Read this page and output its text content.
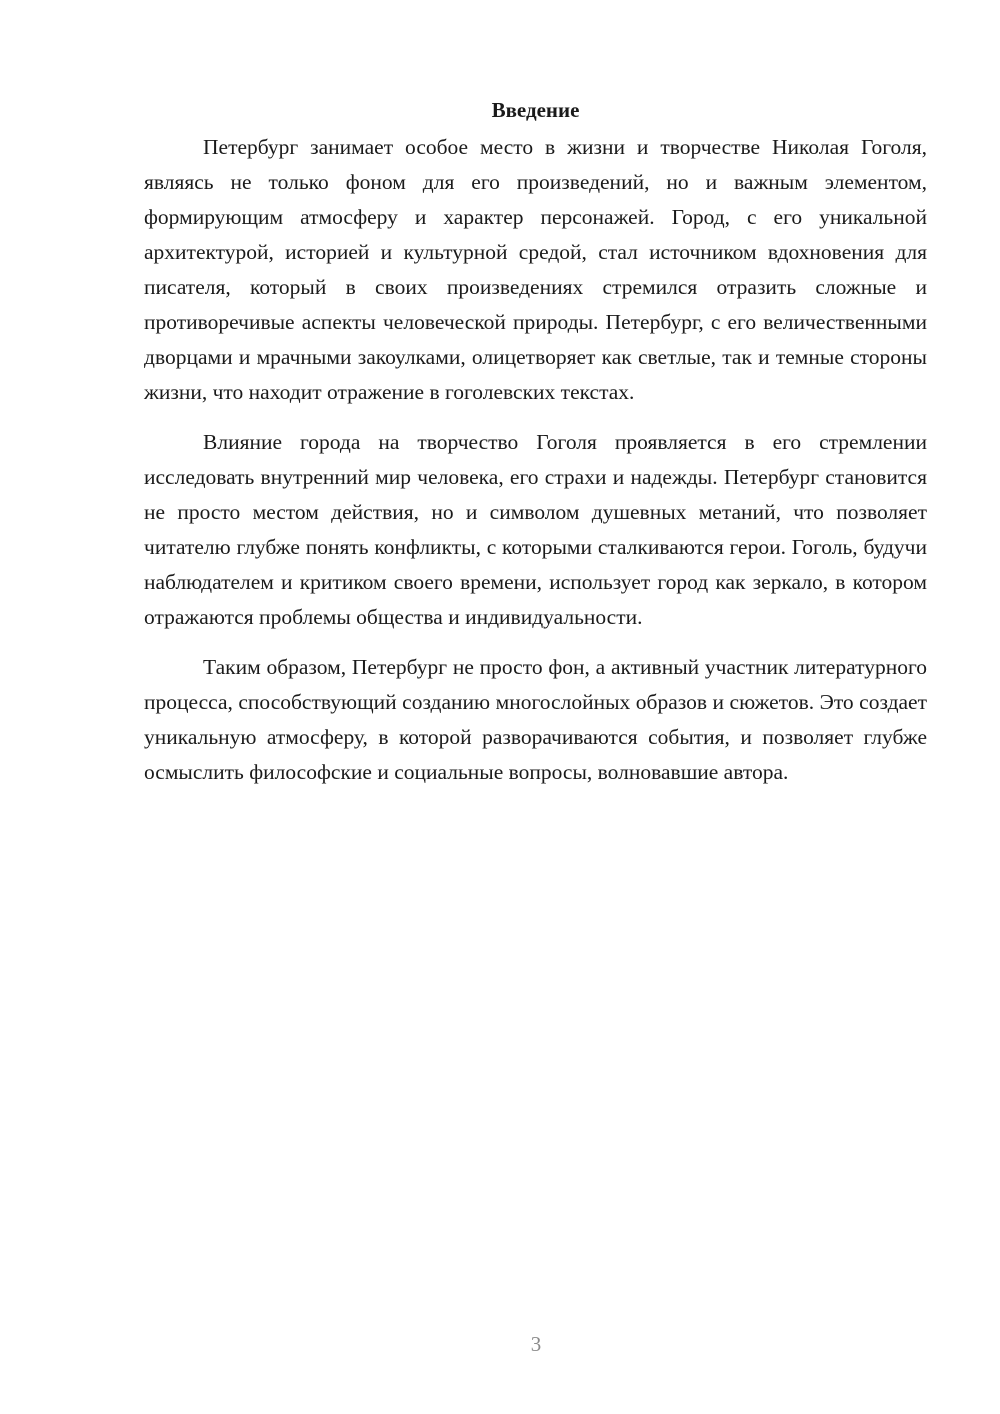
Введение

Петербург занимает особое место в жизни и творчестве Николая Гоголя, являясь не только фоном для его произведений, но и важным элементом, формирующим атмосферу и характер персонажей. Город, с его уникальной архитектурой, историей и культурной средой, стал источником вдохновения для писателя, который в своих произведениях стремился отразить сложные и противоречивые аспекты человеческой природы. Петербург, с его величественными дворцами и мрачными закоулками, олицетворяет как светлые, так и темные стороны жизни, что находит отражение в гоголевских текстах.

Влияние города на творчество Гоголя проявляется в его стремлении исследовать внутренний мир человека, его страхи и надежды. Петербург становится не просто местом действия, но и символом душевных метаний, что позволяет читателю глубже понять конфликты, с которыми сталкиваются герои. Гоголь, будучи наблюдателем и критиком своего времени, использует город как зеркало, в котором отражаются проблемы общества и индивидуальности.

Таким образом, Петербург не просто фон, а активный участник литературного процесса, способствующий созданию многослойных образов и сюжетов. Это создает уникальную атмосферу, в которой разворачиваются события, и позволяет глубже осмыслить философские и социальные вопросы, волновавшие автора.

3
